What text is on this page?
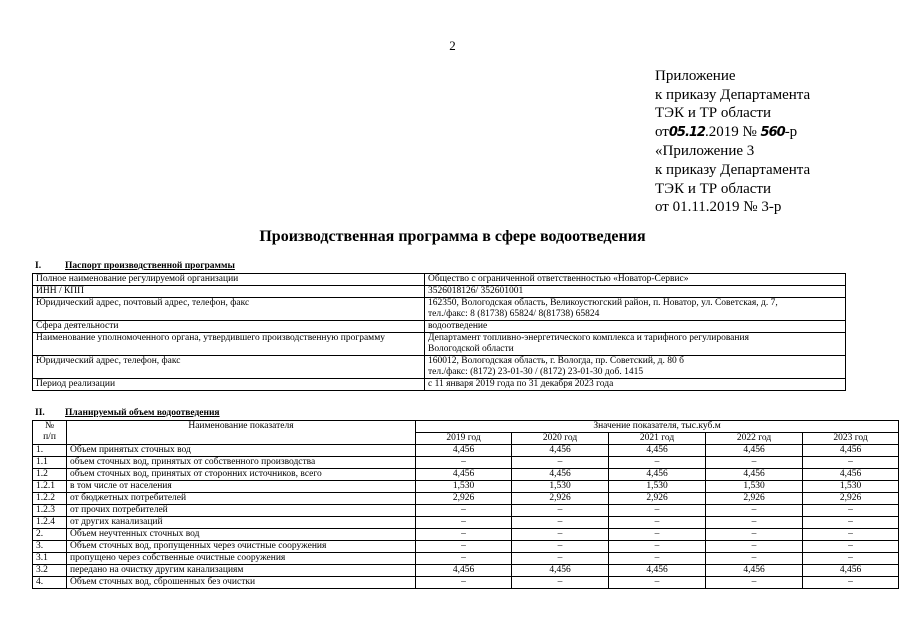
2
Приложение
к приказу Департамента
ТЭК и ТР области
от05.12.2019 № 560-р
«Приложение 3
к приказу Департамента
ТЭК и ТР области
от 01.11.2019 № 3-р
Производственная программа в сфере водоотведения
I.	Паспорт производственной программы
Полное наименование регулируемой организации	Общество с ограниченной ответственностью «Новатор-Сервис»

ИНН / КПП	3526018126/ 352601001

Юридический адрес, почтовый адрес, телефон, факс	162350, Вологодская область, Великоустюгский район, п. Новатор, ул. Советская, д. 7,
тел./факс: 8 (81738) 65824/ 8(81738) 65824

Сфера деятельности	водоотведение

Наименование уполномоченного органа, утвердившего производственную программу	Департамент топливно-энергетического комплекса и тарифного регулирования
Вологодской области

Юридический адрес, телефон, факс	160012, Вологодская область, г. Вологда, пр. Советский, д. 80 б
тел./факс: (8172) 23-01-30 / (8172) 23-01-30 доб. 1415

Период реализации	с 11 января 2019 года по 31 декабря 2023 года
II. Планируемый объем водоотведения
№
п/п	Наименование показателя	Значение показателя, тыс.куб.м				
		2019 год	2020 год	2021 год	2022 год	2023 год
1.	Объем принятых сточных вод	4,456	4,456	4,456	4,456	4,456
1.1	объем сточных вод, принятых от собственного производства	–	–	–	–	–
1.2	объем сточных вод, принятых от сторонних источников, всего	4,456	4,456	4,456	4,456	4,456
1.2.1	в том числе от населения	1,530	1,530	1,530	1,530	1,530
1.2.2	от бюджетных потребителей	2,926	2,926	2,926	2,926	2,926
1.2.3	от прочих потребителей	–	–	–	–	–
1.2.4	от других канализаций	–	–	–	–	–
2.	Объем неучтенных сточных вод	–	–	–	–	–
3.	Объем сточных вод, пропущенных через очистные сооружения	–	–	–	–	–
3.1	пропущено через собственные очистные сооружения	–	–	–	–	–
3.2	передано на очистку другим канализациям	4,456	4,456	4,456	4,456	4,456
4.	Объем сточных вод, сброшенных без очистки	–	–	–	–	–
